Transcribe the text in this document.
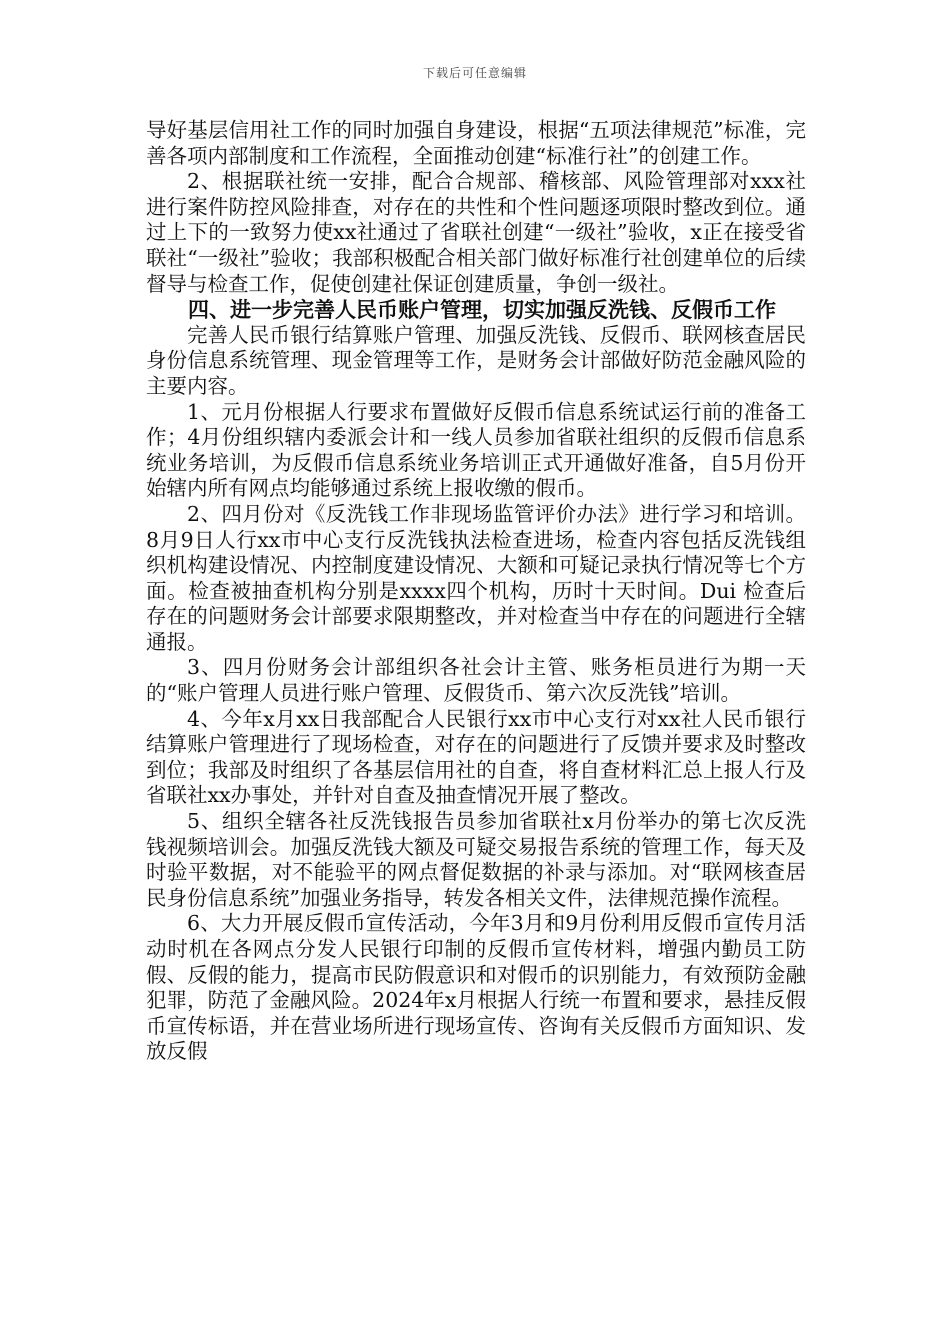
下载后可任意编辑

导好基层信用社工作的同时加强自身建设，根据“五项法律规范”标准，完善各项内部制度和工作流程，全面推动创建“标准行社”的创建工作。

2、根据联社统一安排，配合合规部、稽核部、风险管理部对xxx社进行案件防控风险排查，对存在的共性和个性问题逐项限时整改到位。通过上下的一致努力使xx社通过了省联社创建“一级社”验收，x正在接受省联社“一级社”验收；我部积极配合相关部门做好标准行社创建单位的后续督导与检查工作，促使创建社保证创建质量，争创一级社。

四、进一步完善人民币账户管理，切实加强反洗钱、反假币工作

完善人民币银行结算账户管理、加强反洗钱、反假币、联网核查居民身份信息系统管理、现金管理等工作，是财务会计部做好防范金融风险的主要内容。

1、元月份根据人行要求布置做好反假币信息系统试运行前的准备工作；4月份组织辖内委派会计和一线人员参加省联社组织的反假币信息系统业务培训，为反假币信息系统业务培训正式开通做好准备，自5月份开始辖内所有网点均能够通过系统上报收缴的假币。

2、四月份对《反洗钱工作非现场监管评价办法》进行学习和培训。8月9日人行xx市中心支行反洗钱执法检查进场，检查内容包括反洗钱组织机构建设情况、内控制度建设情况、大额和可疑记录执行情况等七个方面。检查被抽查机构分别是xxxx四个机构，历时十天时间。Dui 检查后存在的问题财务会计部要求限期整改，并对检查当中存在的问题进行全辖通报。

3、四月份财务会计部组织各社会计主管、账务柜员进行为期一天的“账户管理人员进行账户管理、反假货币、第六次反洗钱”培训。

4、今年x月xx日我部配合人民银行xx市中心支行对xx社人民币银行结算账户管理进行了现场检查，对存在的问题进行了反馈并要求及时整改到位；我部及时组织了各基层信用社的自查，将自查材料汇总上报人行及省联社xx办事处，并针对自查及抽查情况开展了整改。

5、组织全辖各社反洗钱报告员参加省联社x月份举办的第七次反洗钱视频培训会。加强反洗钱大额及可疑交易报告系统的管理工作，每天及时验平数据，对不能验平的网点督促数据的补录与添加。对“联网核查居民身份信息系统”加强业务指导，转发各相关文件，法律规范操作流程。

6、大力开展反假币宣传活动，今年3月和9月份利用反假币宣传月活动时机在各网点分发人民银行印制的反假币宣传材料，增强内勤员工防假、反假的能力，提高市民防假意识和对假币的识别能力，有效预防金融犯罪，防范了金融风险。2024年x月根据人行统一布置和要求，悬挂反假币宣传标语，并在营业场所进行现场宣传、咨询有关反假币方面知识、发放反假
